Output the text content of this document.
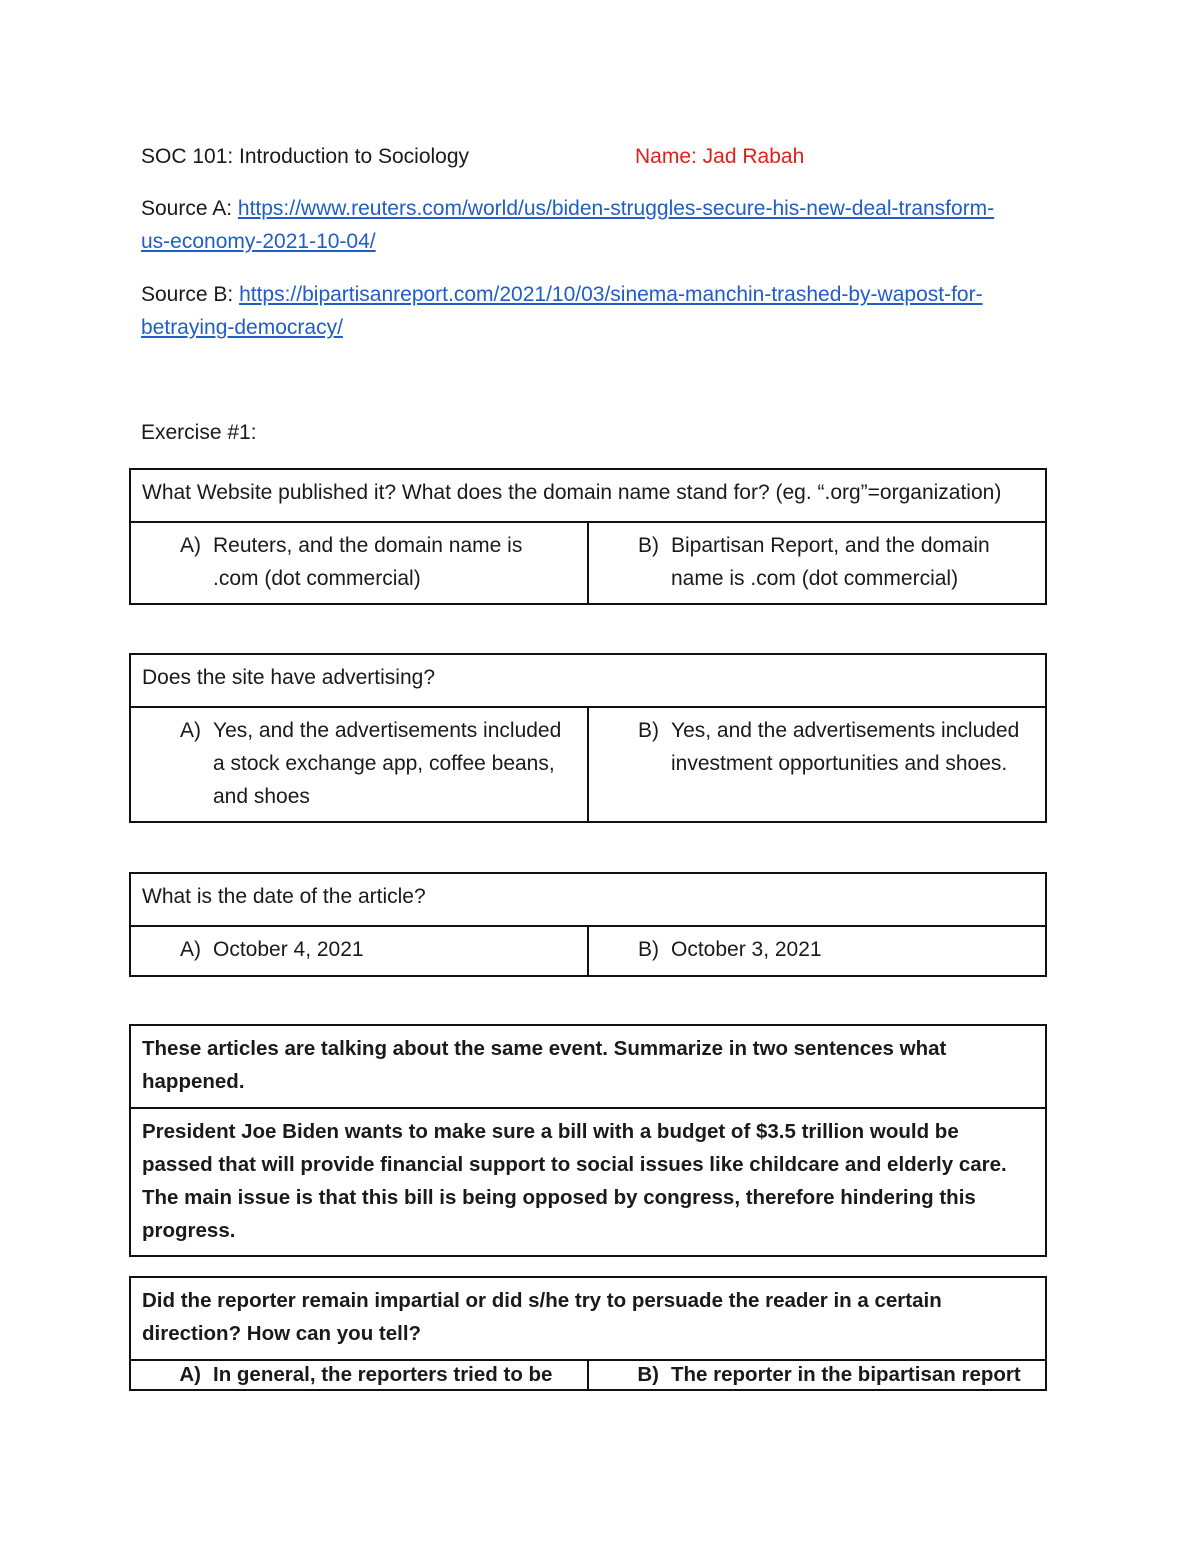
SOC 101: Introduction to Sociology	Name: Jad Rabah
Source A: https://www.reuters.com/world/us/biden-struggles-secure-his-new-deal-transform-
us-economy-2021-10-04/
Source B: https://bipartisanreport.com/2021/10/03/sinema-manchin-trashed-by-wapost-for-
betraying-democracy/
Exercise #1:
What Website published it? What does the domain name stand for? (eg. “.org”=organization)

A) Reuters, and the domain name is .com (dot commercial)

B) Bipartisan Report, and the domain name is .com (dot commercial)
Does the site have advertising?

A) Yes, and the advertisements included a stock exchange app, coffee beans, and shoes

B) Yes, and the advertisements included investment opportunities and shoes.
What is the date of the article?

A) October 4, 2021	B) October 3, 2021
These articles are talking about the same event. Summarize in two sentences what happened.
President Joe Biden wants to make sure a bill with a budget of $3.5 trillion would be passed that will provide financial support to social issues like childcare and elderly care. The main issue is that this bill is being opposed by congress, therefore hindering this progress.
Did the reporter remain impartial or did s/he try to persuade the reader in a certain direction? How can you tell?

A) In general, the reporters tried to be	B) The reporter in the bipartisan report
